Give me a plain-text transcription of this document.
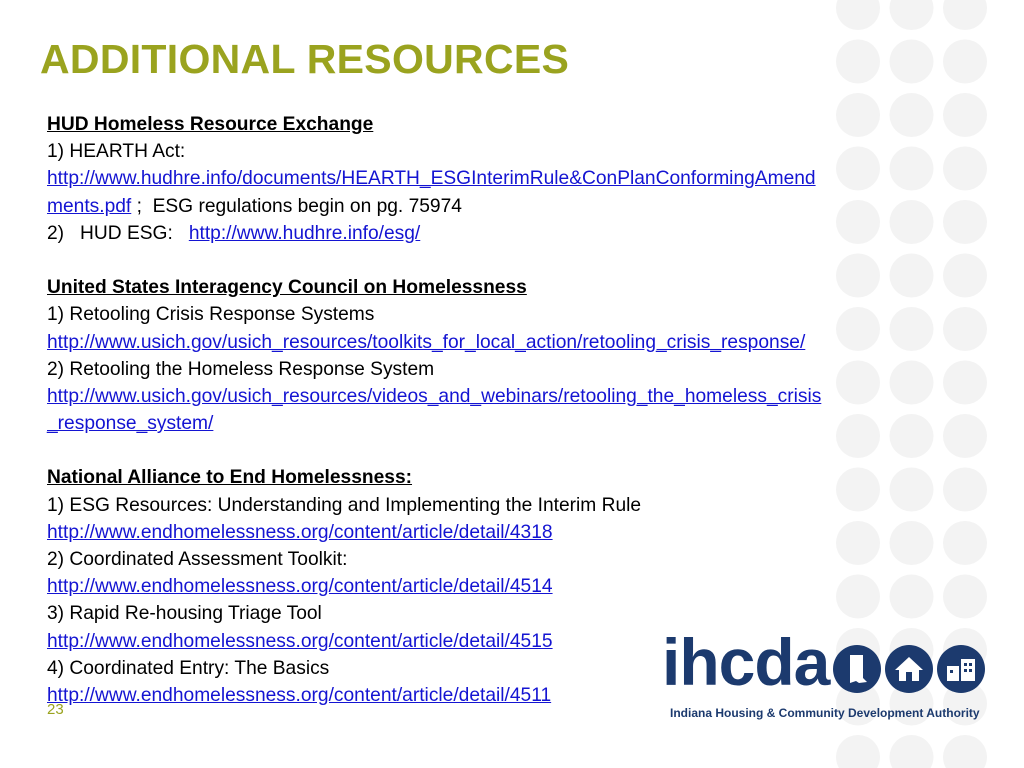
ADDITIONAL RESOURCES
HUD Homeless Resource Exchange
1) HEARTH Act:
http://www.hudhre.info/documents/HEARTH_ESGInterimRule&ConPlanConformingAmend
ments.pdf ;  ESG regulations begin on pg. 75974
2)   HUD ESG:   http://www.hudhre.info/esg/
United States Interagency Council on Homelessness
1) Retooling Crisis Response Systems
http://www.usich.gov/usich_resources/toolkits_for_local_action/retooling_crisis_response/
2) Retooling the Homeless Response System
http://www.usich.gov/usich_resources/videos_and_webinars/retooling_the_homeless_crisis
_response_system/
National Alliance to End Homelessness:
1) ESG Resources: Understanding and Implementing the Interim Rule
http://www.endhomelessness.org/content/article/detail/4318
2) Coordinated Assessment Toolkit:
http://www.endhomelessness.org/content/article/detail/4514
3) Rapid Re-housing Triage Tool
http://www.endhomelessness.org/content/article/detail/4515
4) Coordinated Entry: The Basics
http://www.endhomelessness.org/content/article/detail/4511
23
ihcda
Indiana Housing & Community Development Authority
